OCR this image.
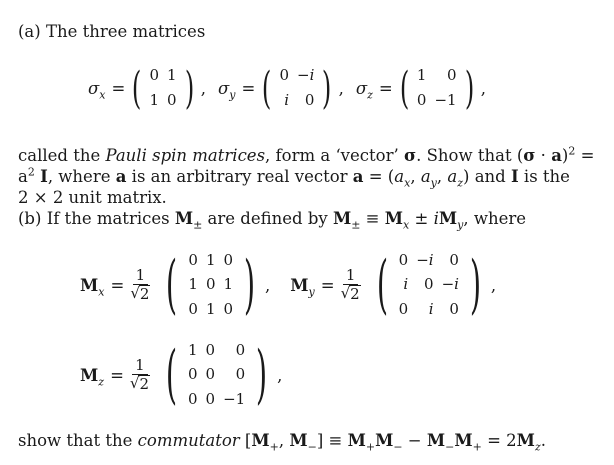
(a) The three matrices
$\sigma_x$ = ( 0 1
1 0 ) , $\sigma_y$ = ( 0 −i
i	0 ) , $\sigma_z$ = ( 1	0
0 −1 ) ,
called the Pauli spin matrices, form a ‘vector’ σ. Show that $(\sigma \cdot a)^2$ =
$a^2$ I, where a is an arbitrary real vector $a = (a_x$, $a_y$, $a_z$) and I is the
2 × 2 unit matrix.
(b) If the matrices $M_\pm$ are defined by $M_\pm \equiv M_x \pm iM_y$, where
$M_x = \frac{1}{√ 2}$ ( 0 1 0
1 0 1
0 1 0 ) , $M_y = \frac{1}{√ 2}$ ( 0 −i	0
i	0 −i
0	i	0 ) ,
$M_z = \frac{1}{√ 2}$ ( 1 0	0
0 0	0
0 0 −1 ) ,
show that the commutator [$M_+$, $M_-] \equiv M_+M_- - M_-M_+ = 2M_z$.
